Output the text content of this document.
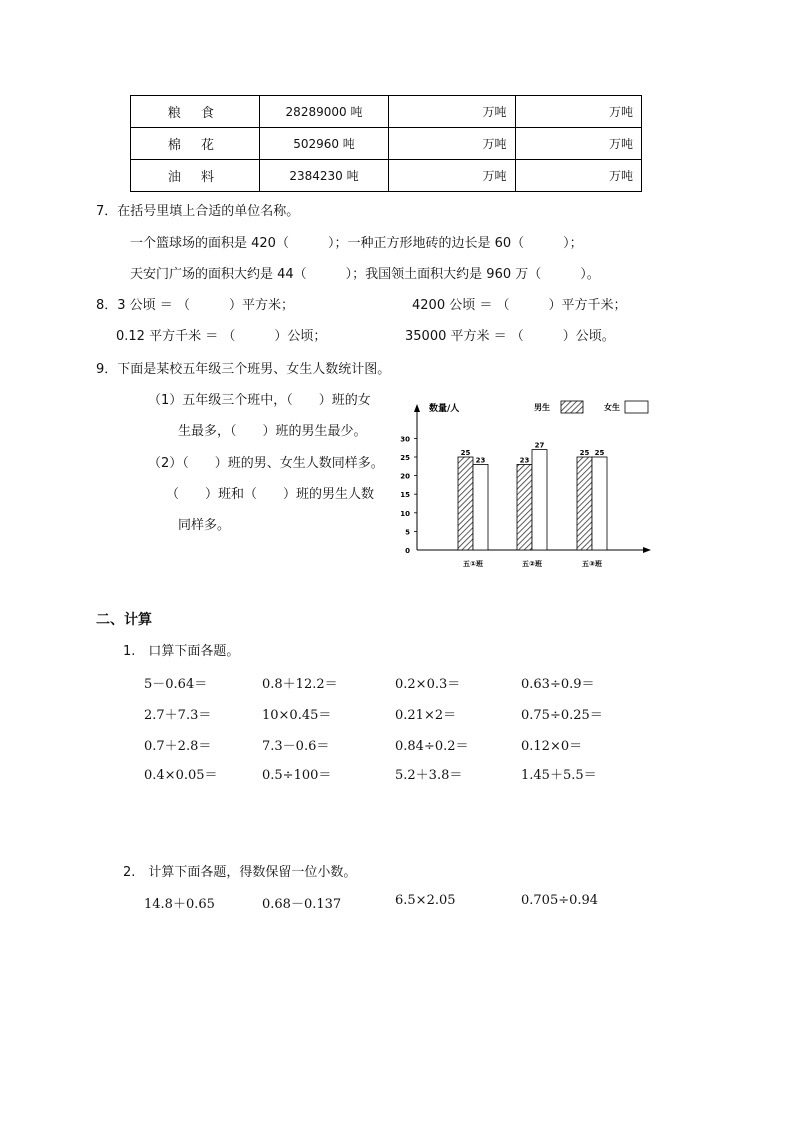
粮 食	28289000 吨	万吨	万吨
棉 花	502960 吨	万吨	万吨
油 料	2384230 吨	万吨	万吨
7．在括号里填上合适的单位名称。
一个篮球场的面积是 420（　　　）；一种正方形地砖的边长是 60（　　　）；
天安门广场的面积大约是 44（　　　）；我国领土面积大约是 960 万（　　　）。
8．3 公顷 ＝ （　　　）平方米；	4200 公顷 ＝ （　　　）平方千米；
0.12 平方千米 ＝ （　　　）公顷；	35000 平方米 ＝ （　　　）公顷。
9．下面是某校五年级三个班男、女生人数统计图。
（1）五年级三个班中，（　　）班的女
生最多，（　　）班的男生最少。
（2）（　　）班的男、女生人数同样多。
（　　）班和（　　）班的男生人数
同样多。
数量/人	男生	女生
0
5
10
15
20
25
30
25
23	23
27
25 25
五①班	五②班	五③班
二、计算
1.　口算下面各题。
5－0.64＝	0.8＋12.2＝	0.2×0.3＝	0.63÷0.9＝
2.7＋7.3＝	10×0.45＝	0.21×2＝	0.75÷0.25＝
0.7＋2.8＝	7.3－0.6＝	0.84÷0.2＝	0.12×0＝
0.4×0.05＝	0.5÷100＝	5.2＋3.8＝	1.45＋5.5＝
2.　计算下面各题，得数保留一位小数。
14.8＋0.65	0.68－0.137	6.5×2.05	0.705÷0.94
